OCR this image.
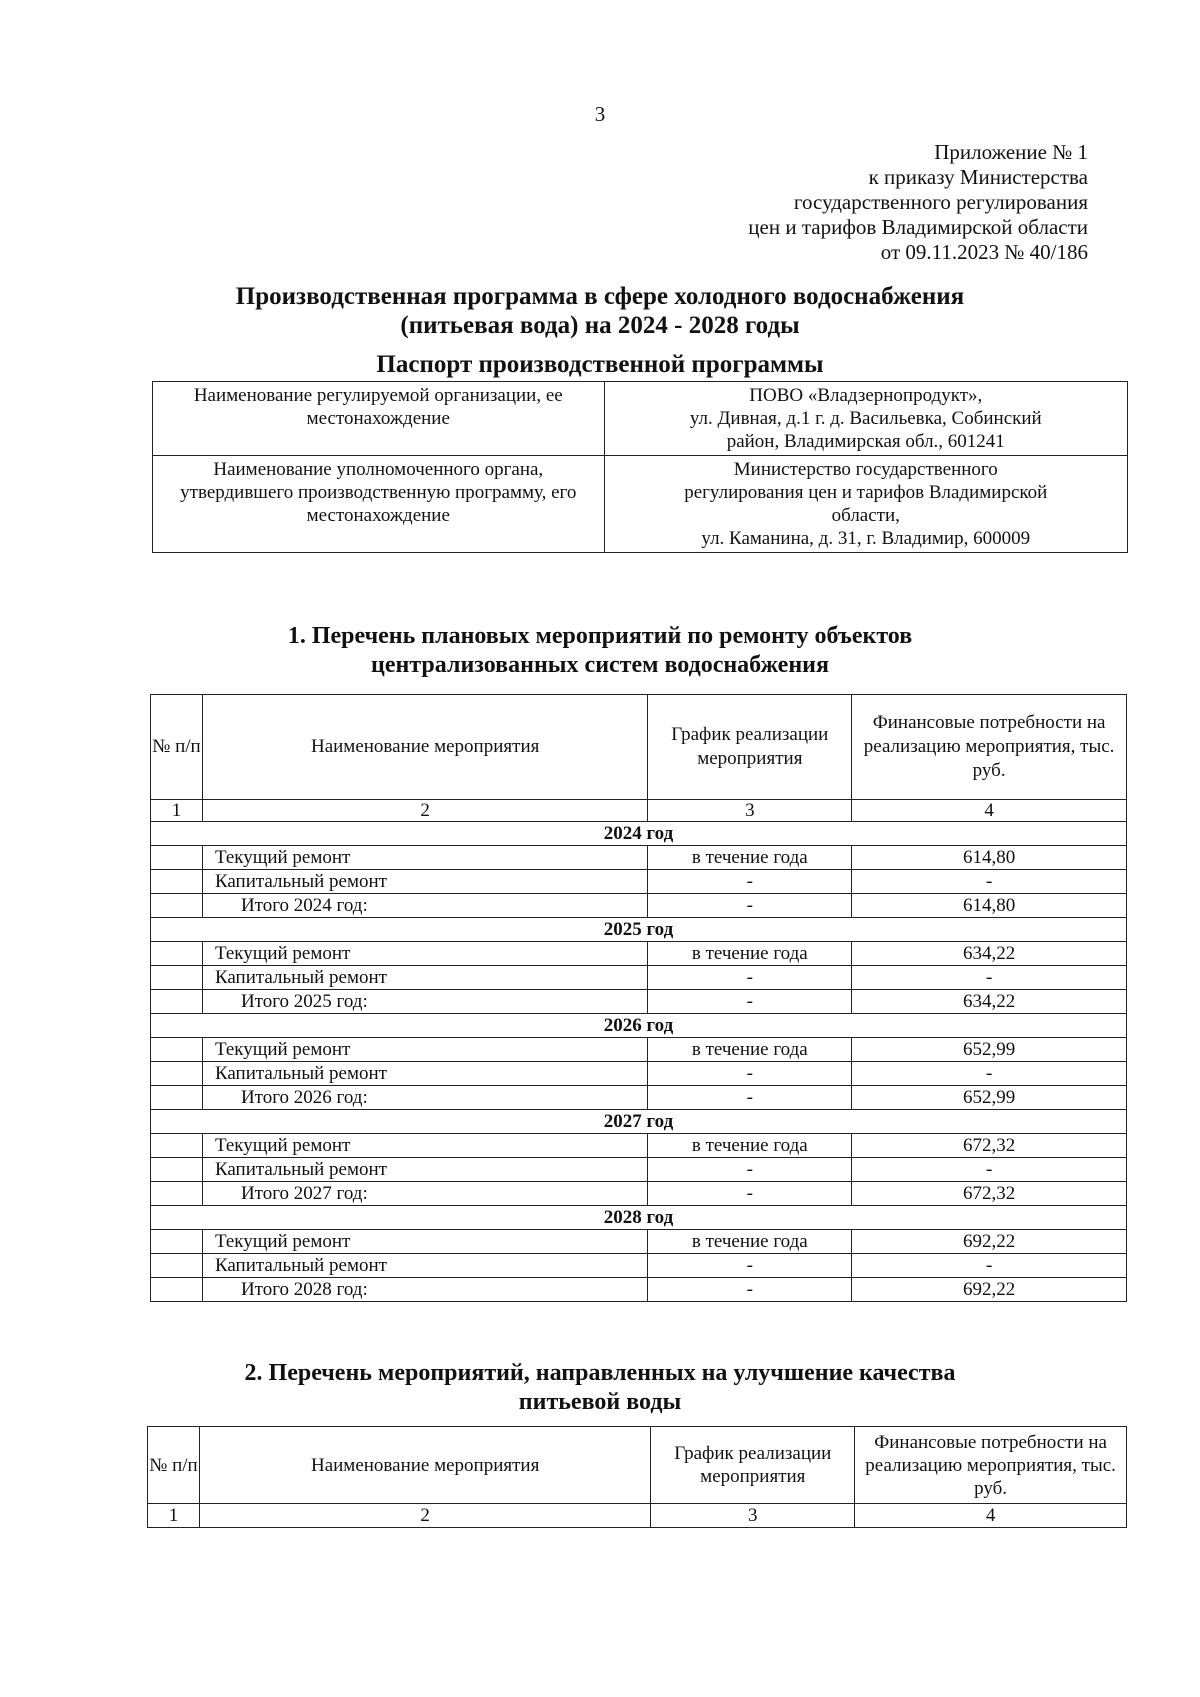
3
Приложение № 1
к приказу Министерства
государственного регулирования
цен и тарифов Владимирской области
от 09.11.2023 № 40/186
Производственная программа в сфере холодного водоснабжения
(питьевая вода) на 2024 - 2028 годы
Паспорт производственной программы
Наименование регулируемой организации, ее местонахождение	ПОВО «Владзернопродукт»,
ул. Дивная, д.1 г. д. Васильевка, Собинский
район, Владимирская обл., 601241

Наименование уполномоченного органа, утвердившего производственную программу, его местонахождение	Министерство государственного
регулирования цен и тарифов Владимирской
области,
ул. Каманина, д. 31, г. Владимир, 600009
1. Перечень плановых мероприятий по ремонту объектов
централизованных систем водоснабжения
№ п/п	Наименование мероприятия	График реализации мероприятия	Финансовые потребности на реализацию мероприятия, тыс. руб.
1	2	3	4
2024 год			
	Текущий ремонт	в течение года	614,80
	Капитальный ремонт	-	-
	Итого 2024 год:	-	614,80
2025 год			
	Текущий ремонт	в течение года	634,22
	Капитальный ремонт	-	-
	Итого 2025 год:	-	634,22
2026 год			
	Текущий ремонт	в течение года	652,99
	Капитальный ремонт	-	-
	Итого 2026 год:	-	652,99
2027 год			
	Текущий ремонт	в течение года	672,32
	Капитальный ремонт	-	-
	Итого 2027 год:	-	672,32
2028 год			
	Текущий ремонт	в течение года	692,22
	Капитальный ремонт	-	-
	Итого 2028 год:	-	692,22
2. Перечень мероприятий, направленных на улучшение качества
питьевой воды
№ п/п	Наименование мероприятия	График реализации мероприятия	Финансовые потребности на реализацию мероприятия, тыс. руб.
1	2	3	4
